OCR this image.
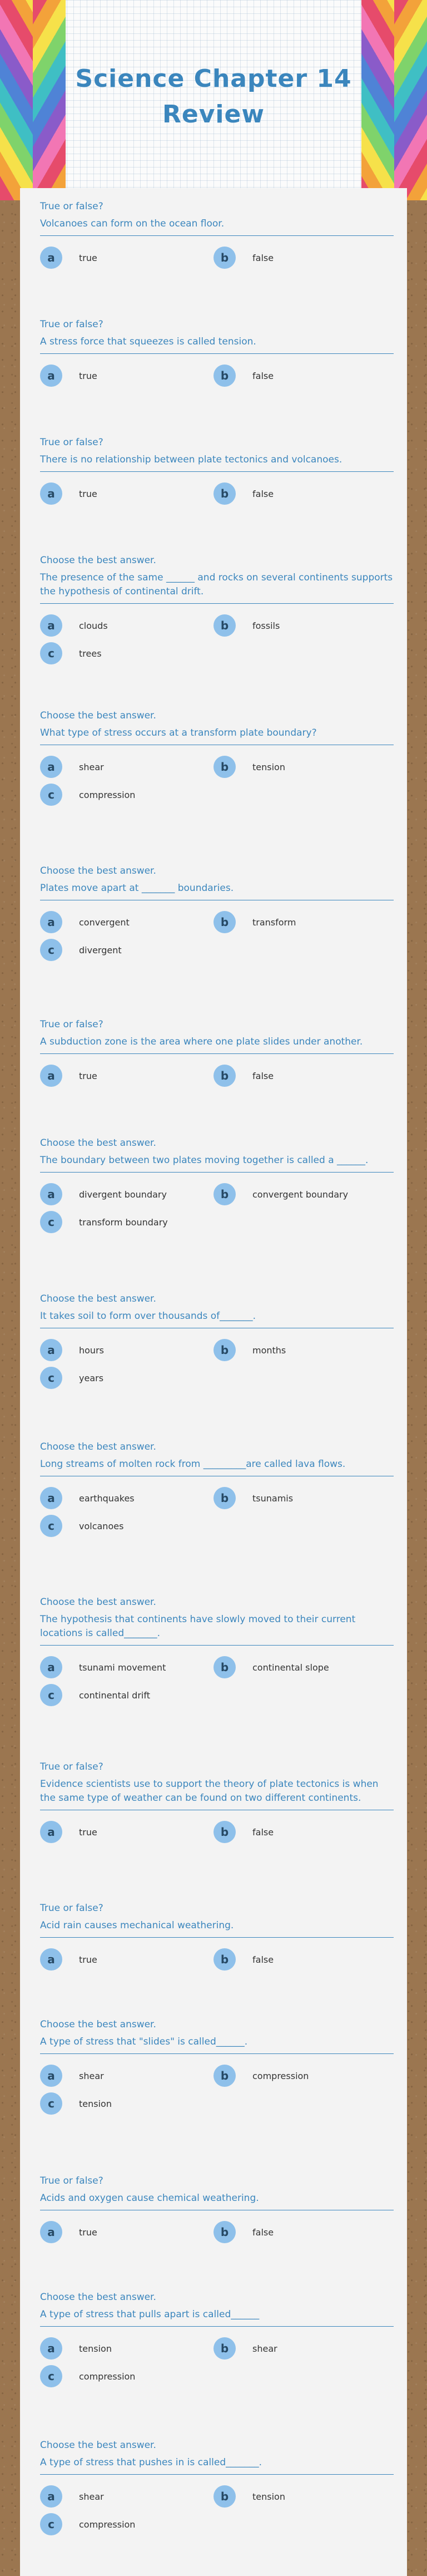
Science Chapter 14 Review
True or false?
Volcanoes can form on the ocean floor.
a	true	b	false
True or false?
A stress force that squeezes is called tension.
a	true	b	false
True or false?
There is no relationship between plate tectonics and volcanoes.
a	true	b	false
Choose the best answer.
The presence of the same ______ and rocks on several continents supports the hypothesis of continental drift.
a	clouds	b	fossils
c	trees
Choose the best answer.
What type of stress occurs at a transform plate boundary?
a	shear	b	tension
c	compression
Choose the best answer.
Plates move apart at _______ boundaries.
a	convergent	b	transform
c	divergent
True or false?
A subduction zone is the area where one plate slides under another.
a	true	b	false
Choose the best answer.
The boundary between two plates moving together is called a ______.
a	divergent boundary	b	convergent boundary
c	transform boundary
Choose the best answer.
It takes soil to form over thousands of_______.
a	hours	b	months
c	years
Choose the best answer.
Long streams of molten rock from _________are called lava flows.
a	earthquakes	b	tsunamis
c	volcanoes
Choose the best answer.
The hypothesis that continents have slowly moved to their current locations is called_______.
a	tsunami movement	b	continental slope
c	continental drift
True or false?
Evidence scientists use to support the theory of plate tectonics is when the same type of weather can be found on two different continents.
a	true	b	false
True or false?
Acid rain causes mechanical weathering.
a	true	b	false
Choose the best answer.
A type of stress that "slides" is called______.
a	shear	b	compression
c	tension
True or false?
Acids and oxygen cause chemical weathering.
a	true	b	false
Choose the best answer.
A type of stress that pulls apart is called______
a	tension	b	shear
c	compression
Choose the best answer.
A type of stress that pushes in is called_______.
a	shear	b	tension
c	compression
